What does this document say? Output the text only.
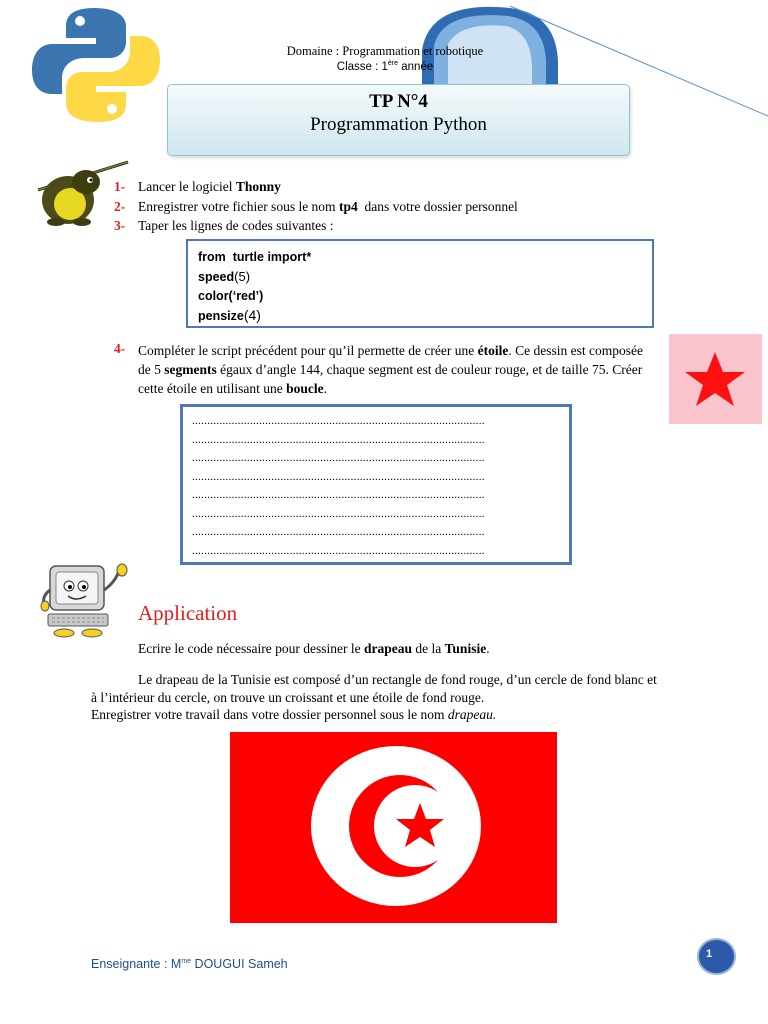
Domaine : Programmation et robotique
Classe : 1ère année
TP N°4
Programmation Python
1- Lancer le logiciel Thonny
2- Enregistrer votre fichier sous le nom tp4  dans votre dossier personnel
3- Taper les lignes de codes suivantes :
from  turtle import*
speed(5)
color(‘red’)
pensize(4)
4- Compléter le script précédent pour qu’il permette de créer une étoile. Ce dessin est composée de 5 segments égaux d’angle 144, chaque segment est de couleur rouge, et de taille 75. Créer cette étoile en utilisant une boucle.
................................................................................................
................................................................................................
................................................................................................
................................................................................................
................................................................................................
................................................................................................
................................................................................................
................................................................................................
Application
Ecrire le code nécessaire pour dessiner le drapeau de la Tunisie.
Le drapeau de la Tunisie est composé d’un rectangle de fond rouge, d’un cercle de fond blanc et à l’intérieur du cercle, on trouve un croissant et une étoile de fond rouge.
Enregistrer votre travail dans votre dossier personnel sous le nom drapeau.
Enseignante : $M^{me}$ DOUGUI Sameh
1
